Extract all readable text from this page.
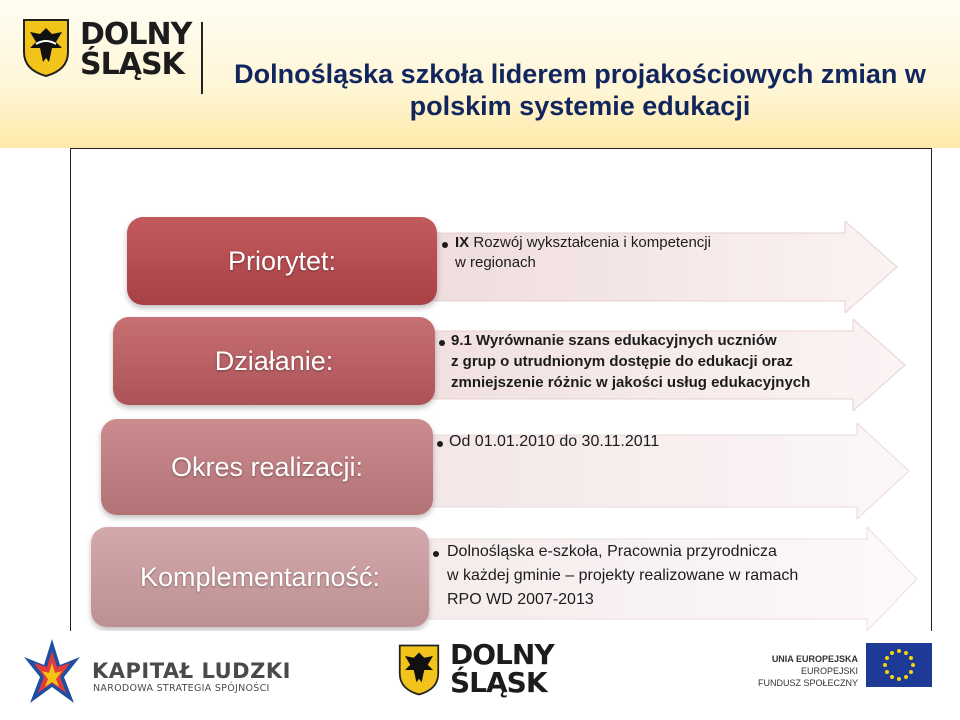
DOLNY
ŚLĄSK	Dolnośląska szkoła liderem projakościowych zmian w
polskim systemie edukacji
Priorytet:
IX Rozwój wykształcenia i kompetencji
w regionach
Działanie:
9.1 Wyrównanie szans edukacyjnych uczniów
z grup o utrudnionym dostępie do edukacji oraz
zmniejszenie różnic w jakości usług edukacyjnych
Okres realizacji:
Od 01.01.2010 do 30.11.2011
Komplementarność:
Dolnośląska e-szkoła, Pracownia przyrodnicza
w każdej gminie – projekty realizowane w ramach
RPO WD 2007-2013
KAPITAŁ LUDZKI
NARODOWA STRATEGIA SPÓJNOŚCI
DOLNY
ŚLĄSK
UNIA EUROPEJSKA
EUROPEJSKI
FUNDUSZ SPOŁECZNY
